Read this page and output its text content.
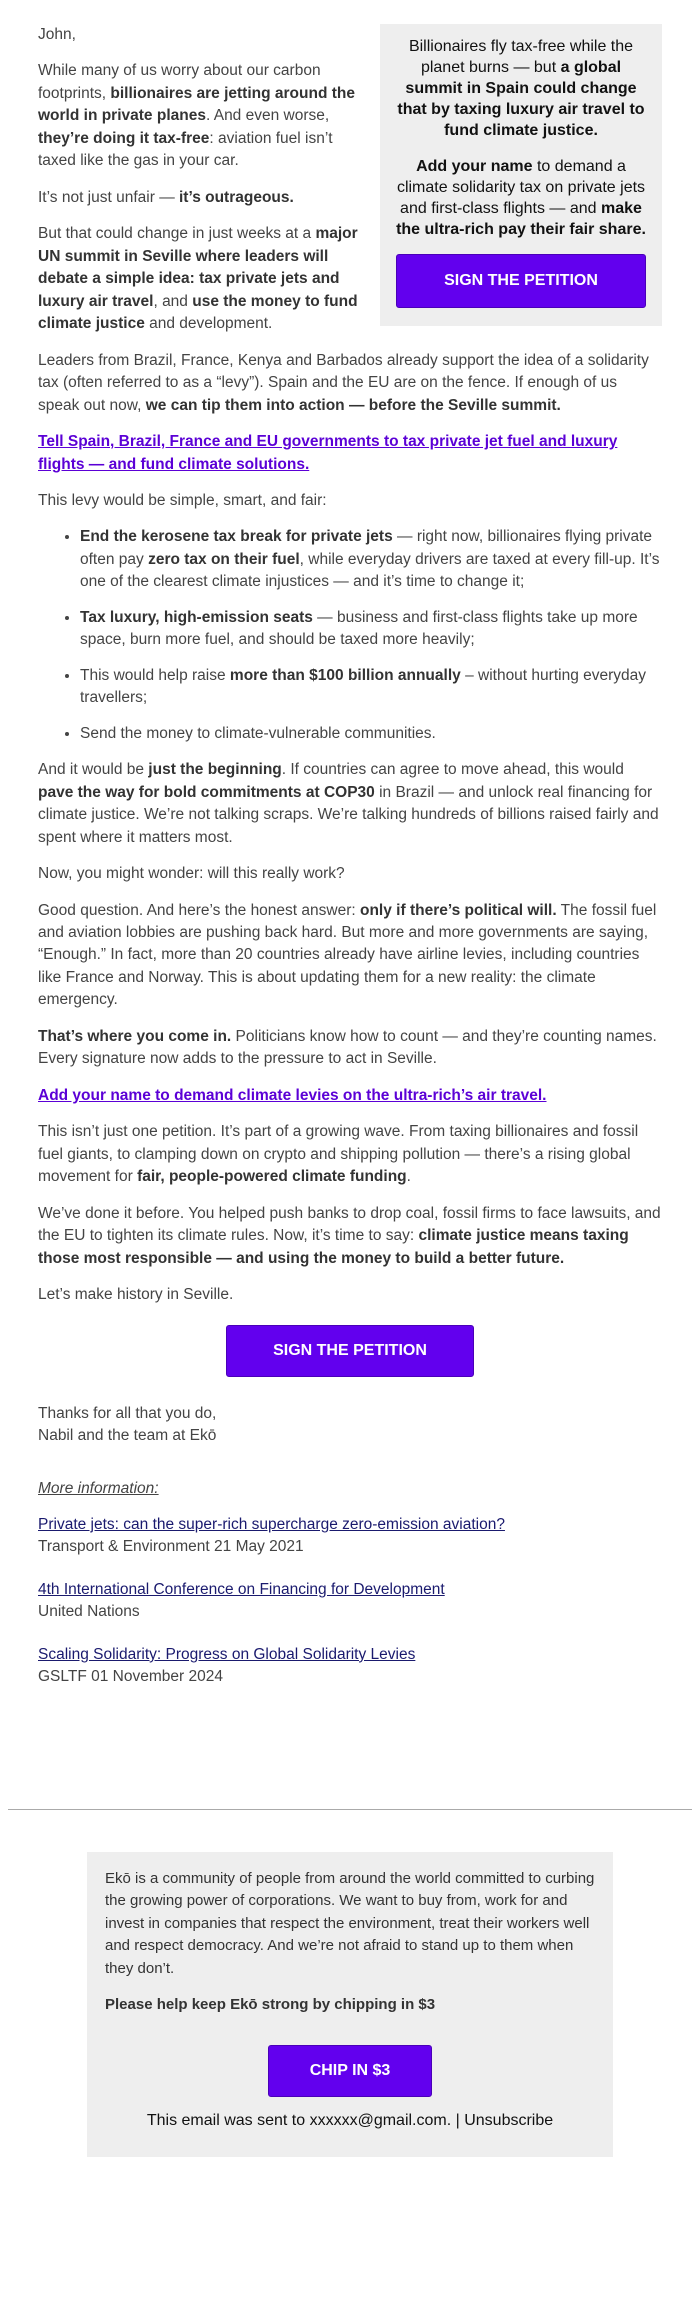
Billionaires fly tax-free while the planet burns — but a global summit in Spain could change that by taxing luxury air travel to fund climate justice.

Add your name to demand a climate solidarity tax on private jets and first-class flights — and make the ultra-rich pay their fair share.

SIGN THE PETITION

John,

While many of us worry about our carbon footprints, billionaires are jetting around the world in private planes. And even worse, they’re doing it tax-free: aviation fuel isn’t taxed like the gas in your car.

It’s not just unfair — it’s outrageous.

But that could change in just weeks at a major UN summit in Seville where leaders will debate a simple idea: tax private jets and luxury air travel, and use the money to fund climate justice and development.

Leaders from Brazil, France, Kenya and Barbados already support the idea of a solidarity tax (often referred to as a “levy”). Spain and the EU are on the fence. If enough of us speak out now, we can tip them into action — before the Seville summit.

Tell Spain, Brazil, France and EU governments to tax private jet fuel and luxury flights — and fund climate solutions.

This levy would be simple, smart, and fair:

• End the kerosene tax break for private jets — right now, billionaires flying private often pay zero tax on their fuel, while everyday drivers are taxed at every fill-up. It’s one of the clearest climate injustices — and it’s time to change it;
• Tax luxury, high-emission seats — business and first-class flights take up more space, burn more fuel, and should be taxed more heavily;
• This would help raise more than $100 billion annually – without hurting everyday travellers;
• Send the money to climate-vulnerable communities.

And it would be just the beginning. If countries can agree to move ahead, this would pave the way for bold commitments at COP30 in Brazil — and unlock real financing for climate justice. We’re not talking scraps. We’re talking hundreds of billions raised fairly and spent where it matters most.

Now, you might wonder: will this really work?

Good question. And here’s the honest answer: only if there’s political will. The fossil fuel and aviation lobbies are pushing back hard. But more and more governments are saying, “Enough.” In fact, more than 20 countries already have airline levies, including countries like France and Norway. This is about updating them for a new reality: the climate emergency.

That’s where you come in. Politicians know how to count — and they’re counting names. Every signature now adds to the pressure to act in Seville.

Add your name to demand climate levies on the ultra-rich’s air travel.

This isn’t just one petition. It’s part of a growing wave. From taxing billionaires and fossil fuel giants, to clamping down on crypto and shipping pollution — there’s a rising global movement for fair, people-powered climate funding.

We’ve done it before. You helped push banks to drop coal, fossil firms to face lawsuits, and the EU to tighten its climate rules. Now, it’s time to say: climate justice means taxing those most responsible — and using the money to build a better future.

Let’s make history in Seville.

SIGN THE PETITION

Thanks for all that you do,
Nabil and the team at Ekō

More information:

Private jets: can the super-rich supercharge zero-emission aviation?
Transport & Environment 21 May 2021

4th International Conference on Financing for Development
United Nations

Scaling Solidarity: Progress on Global Solidarity Levies
GSLTF 01 November 2024

Ekō is a community of people from around the world committed to curbing the growing power of corporations. We want to buy from, work for and invest in companies that respect the environment, treat their workers well and respect democracy. And we’re not afraid to stand up to them when they don’t.

Please help keep Ekō strong by chipping in $3

CHIP IN $3

This email was sent to xxxxxx@gmail.com. | Unsubscribe
